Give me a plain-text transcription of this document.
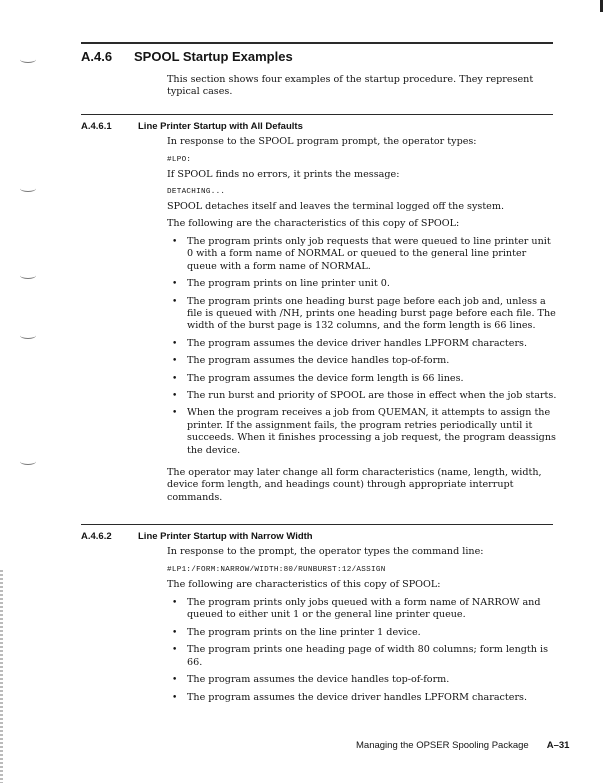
A.4.6	SPOOL Startup Examples

This section shows four examples of the startup procedure. They represent typical cases.

A.4.6.1	Line Printer Startup with All Defaults

In response to the SPOOL program prompt, the operator types:

#LPO:

If SPOOL finds no errors, it prints the message:

DETACHING...

SPOOL detaches itself and leaves the terminal logged off the system.

The following are the characteristics of this copy of SPOOL:

•	The program prints only job requests that were queued to line printer unit 0 with a form name of NORMAL or queued to the general line printer queue with a form name of NORMAL.
•	The program prints on line printer unit 0.
•	The program prints one heading burst page before each job and, unless a file is queued with /NH, prints one heading burst page before each file. The width of the burst page is 132 columns, and the form length is 66 lines.
•	The program assumes the device driver handles LPFORM characters.
•	The program assumes the device handles top-of-form.
•	The program assumes the device form length is 66 lines.
•	The run burst and priority of SPOOL are those in effect when the job starts.
•	When the program receives a job from QUEMAN, it attempts to assign the printer. If the assignment fails, the program retries periodically until it succeeds. When it finishes processing a job request, the program deassigns the device.

The operator may later change all form characteristics (name, length, width, device form length, and headings count) through appropriate interrupt commands.

A.4.6.2	Line Printer Startup with Narrow Width

In response to the prompt, the operator types the command line:

#LP1:/FORM:NARROW/WIDTH:80/RUNBURST:12/ASSIGN

The following are characteristics of this copy of SPOOL:

•	The program prints only jobs queued with a form name of NARROW and queued to either unit 1 or the general line printer queue.
•	The program prints on the line printer 1 device.
•	The program prints one heading page of width 80 columns; form length is 66.
•	The program assumes the device handles top-of-form.
•	The program assumes the device driver handles LPFORM characters.
Managing the OPSER Spooling Package A–31
